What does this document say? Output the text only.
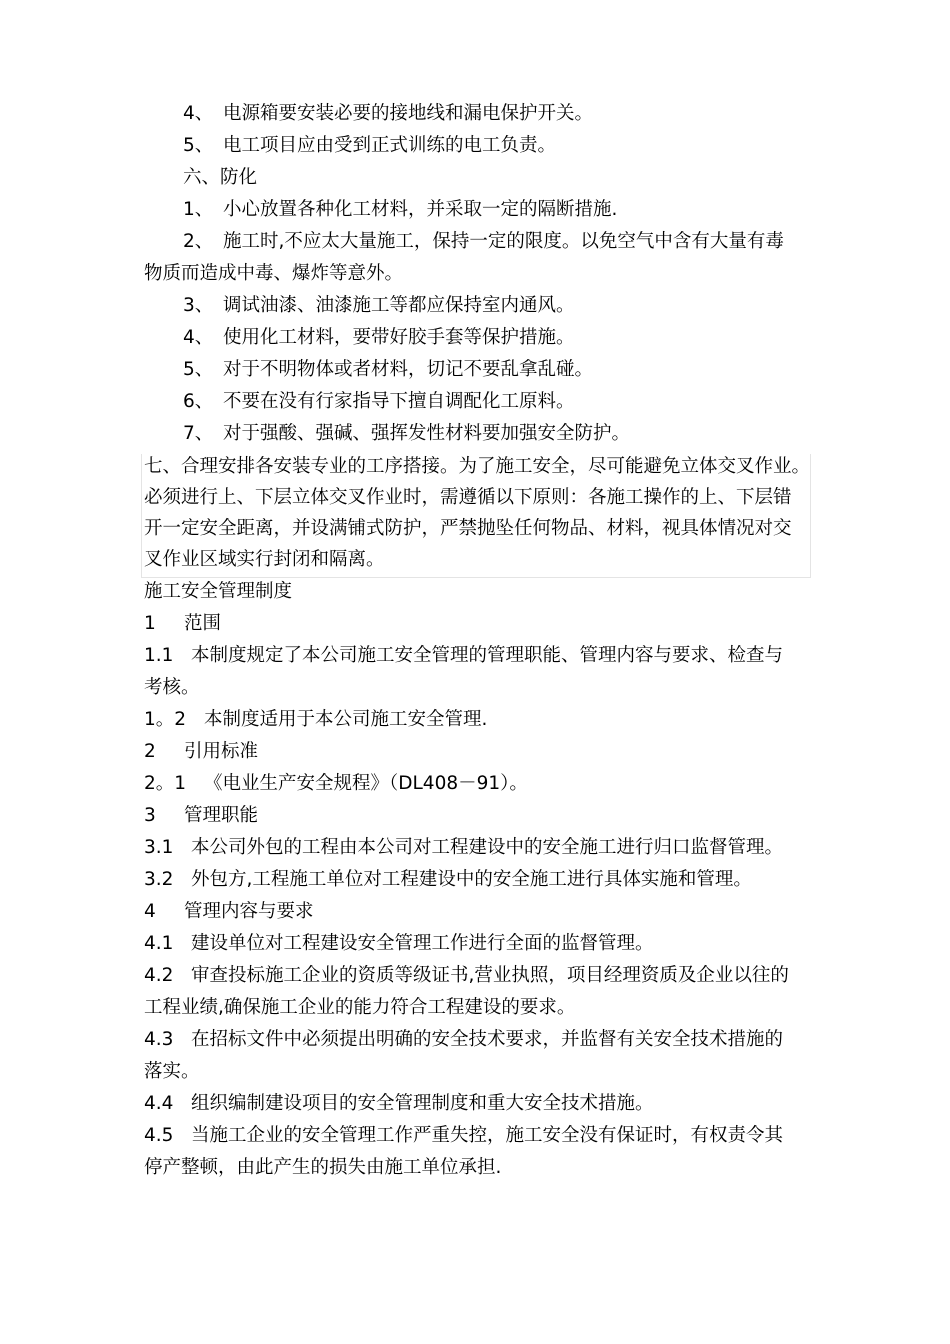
4、 电源箱要安装必要的接地线和漏电保护开关。
5、 电工项目应由受到正式训练的电工负责。
六、防化
1、 小心放置各种化工材料，并采取一定的隔断措施.
2、 施工时,不应太大量施工，保持一定的限度。以免空气中含有大量有毒
物质而造成中毒、爆炸等意外。
3、 调试油漆、油漆施工等都应保持室内通风。
4、 使用化工材料，要带好胶手套等保护措施。
5、 对于不明物体或者材料，切记不要乱拿乱碰。
6、 不要在没有行家指导下擅自调配化工原料。
7、 对于强酸、强碱、强挥发性材料要加强安全防护。
七、合理安排各安装专业的工序搭接。为了施工安全，尽可能避免立体交叉作业。
必须进行上、下层立体交叉作业时，需遵循以下原则：各施工操作的上、下层错
开一定安全距离，并设满铺式防护，严禁抛坠任何物品、材料，视具体情况对交
叉作业区域实行封闭和隔离。
施工安全管理制度
1 范围
1.1 本制度规定了本公司施工安全管理的管理职能、管理内容与要求、检查与
考核。
1。2 本制度适用于本公司施工安全管理.
2 引用标准
2。1 《电业生产安全规程》（DL408－91）。
3 管理职能
3.1 本公司外包的工程由本公司对工程建设中的安全施工进行归口监督管理。
3.2 外包方,工程施工单位对工程建设中的安全施工进行具体实施和管理。
4 管理内容与要求
4.1 建设单位对工程建设安全管理工作进行全面的监督管理。
4.2 审查投标施工企业的资质等级证书,营业执照，项目经理资质及企业以往的
工程业绩,确保施工企业的能力符合工程建设的要求。
4.3 在招标文件中必须提出明确的安全技术要求，并监督有关安全技术措施的
落实。
4.4 组织编制建设项目的安全管理制度和重大安全技术措施。
4.5 当施工企业的安全管理工作严重失控，施工安全没有保证时，有权责令其
停产整顿，由此产生的损失由施工单位承担.
